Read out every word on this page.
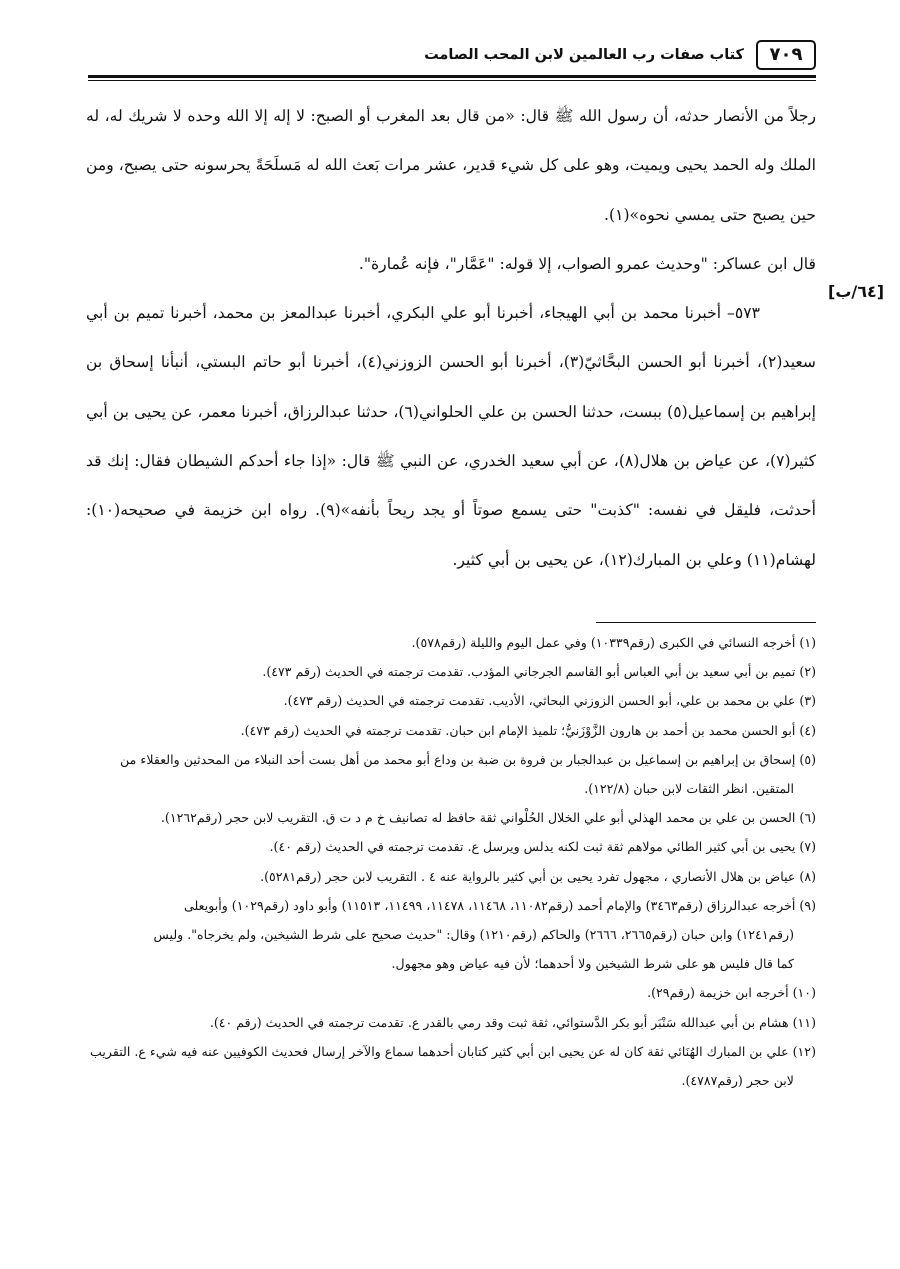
٧٠٩
كتاب صفات رب العالمين لابن المحب الصامت
[٦٤/ب]

رجلاً من الأنصار حدثه، أن رسول الله ﷺ قال: «من قال بعد المغرب أو الصبح: لا إله إلا الله وحده لا شريك له، له الملك وله الحمد يحيى ويميت، وهو على كل شيء قدير، عشر مرات بَعث الله له مَسلَحَةً يحرسونه حتى يصبح، ومن حين يصبح حتى يمسي نحوه»(١).

قال ابن عساكر: "وحديث عمرو الصواب، إلا قوله: "عَمَّار"، فإنه عُمارة".

٥٧٣– أخبرنا محمد بن أبي الهيجاء، أخبرنا أبو علي البكري، أخبرنا عبدالمعز بن محمد، أخبرنا تميم بن أبي سعيد(٢)، أخبرنا أبو الحسن البحَّاثيّ(٣)، أخبرنا أبو الحسن الزوزني(٤)، أخبرنا أبو حاتم البستي، أنبأنا إسحاق بن إبراهيم بن إسماعيل(٥) ببست، حدثنا الحسن بن علي الحلواني(٦)، حدثنا عبدالرزاق، أخبرنا معمر، عن يحيى بن أبي كثير(٧)، عن عياض بن هلال(٨)، عن أبي سعيد الخدري، عن النبي ﷺ قال: «إذا جاء أحدكم الشيطان فقال: إنك قد أحدثت، فليقل في نفسه: "كذبت" حتى يسمع صوتاً أو يجد ريحاً بأنفه»(٩). رواه ابن خزيمة في صحيحه(١٠): لهشام(١١) وعلي بن المبارك(١٢)، عن يحيى بن أبي كثير.

(١) أخرجه النسائي في الكبرى (رقم١٠٣٣٩) وفي عمل اليوم والليلة (رقم٥٧٨).

(٢) تميم بن أبي سعيد بن أبي العباس أبو القاسم الجرجاني المؤدب. تقدمت ترجمته في الحديث (رقم ٤٧٣).

(٣) علي بن محمد بن علي، أبو الحسن الزوزني البحاثي، الأديب. تقدمت ترجمته في الحديث (رقم ٤٧٣).

(٤) أبو الحسن محمد بن أحمد بن هارون الزَّوْزَنيُّ؛ تلميذ الإمام ابن حبان. تقدمت ترجمته في الحديث (رقم ٤٧٣).

(٥) إسحاق بن إبراهيم بن إسماعيل بن عبدالجبار بن فروة بن ضبة بن وداع أبو محمد من أهل بست أحد النبلاء من المحدثين والعقلاء من

المتقين. انظر الثقات لابن حبان (١٢٢/٨).

(٦) الحسن بن علي بن محمد الهذلي أبو علي الخلال الحُلْواني ثقة حافظ له تصانيف خ م د ت ق. التقريب لابن حجر (رقم١٢٦٢).

(٧) يحيى بن أبي كثير الطائي مولاهم ثقة ثبت لكنه يدلس ويرسل ع. تقدمت ترجمته في الحديث (رقم ٤٠).

(٨) عياض بن هلال الأنصاري ، مجهول تفرد يحيى بن أبي كثير بالرواية عنه ٤ . التقريب لابن حجر (رقم٥٢٨١).

(٩) أخرجه عبدالرزاق (رقم٣٤٦٣) والإمام أحمد (رقم١١٠٨٢، ١١٤٦٨، ١١٤٧٨، ١١٤٩٩، ١١٥١٣) وأبو داود (رقم١٠٢٩) وأبويعلى

(رقم١٢٤١) وابن حبان (رقم٢٦٦٥، ٢٦٦٦) والحاكم (رقم١٢١٠) وقال: "حديث صحيح على شرط الشيخين، ولم يخرجاه". وليس

كما قال فليس هو على شرط الشيخين ولا أحدهما؛ لأن فيه عياض وهو مجهول.

(١٠) أخرجه ابن خزيمة (رقم٢٩).

(١١) هشام بن أبي عبدالله سَنْبَر أبو بكر الدَّستوائي، ثقة ثبت وقد رمي بالقدر ع. تقدمت ترجمته في الحديث (رقم ٤٠).

(١٢) علي بن المبارك الهُنَائي ثقة كان له عن يحيى ابن أبي كثير كتابان أحدهما سماع والآخر إرسال فحديث الكوفيين عنه فيه شيء ع. التقريب

لابن حجر (رقم٤٧٨٧).
